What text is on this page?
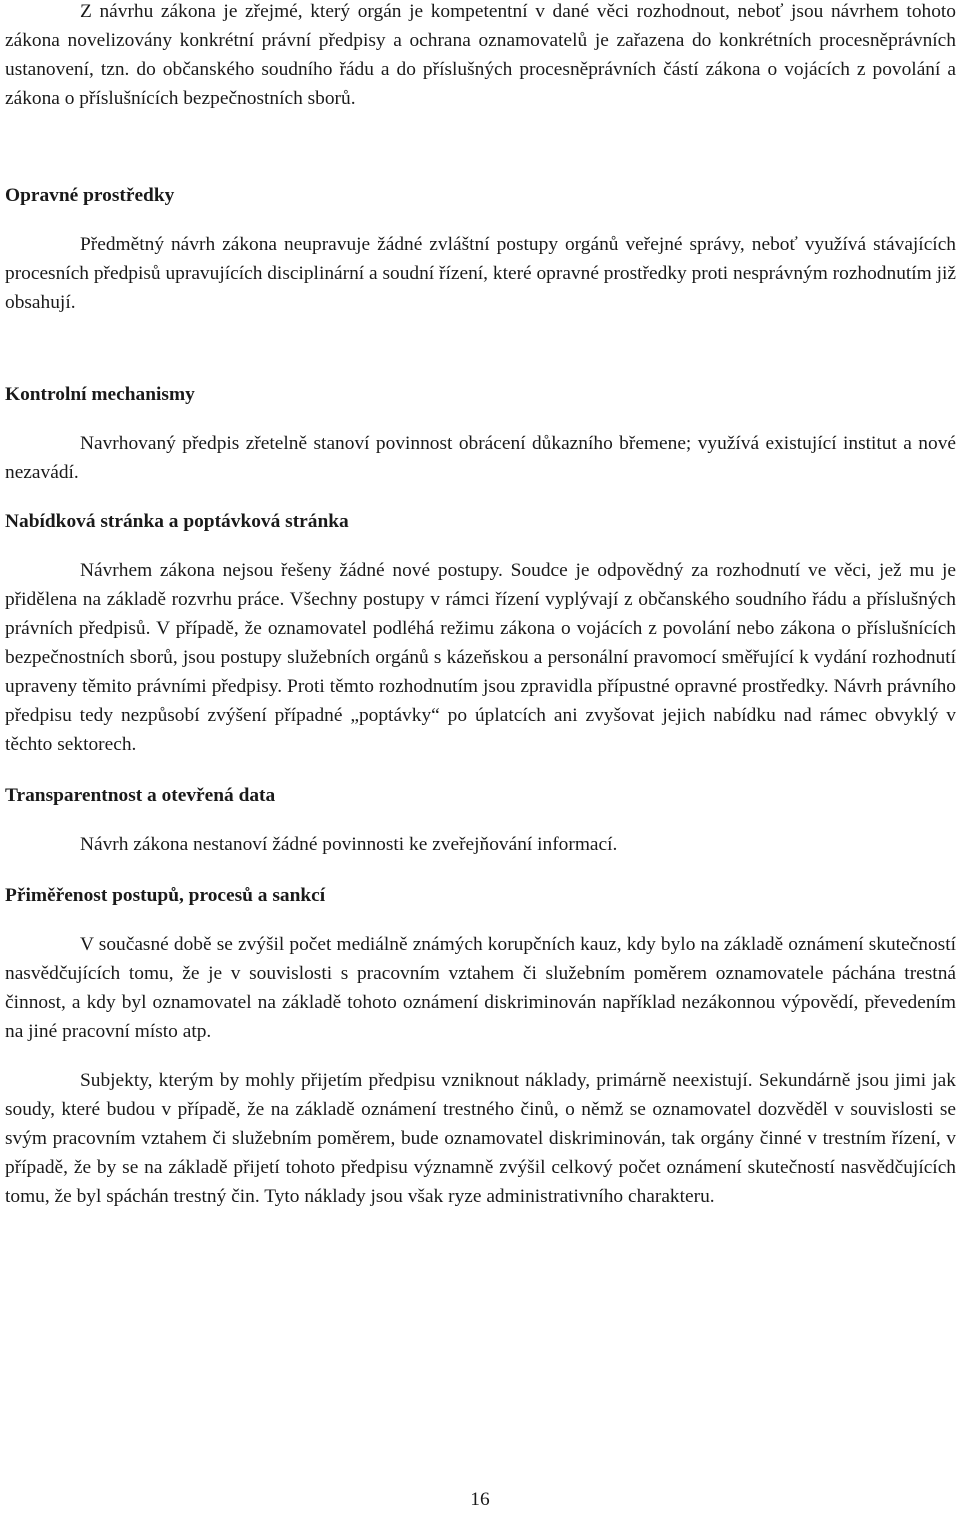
Z návrhu zákona je zřejmé, který orgán je kompetentní v dané věci rozhodnout, neboť jsou návrhem tohoto zákona novelizovány konkrétní právní předpisy a ochrana oznamovatelů je zařazena do konkrétních procesněprávních ustanovení, tzn. do občanského soudního řádu a do příslušných procesněprávních částí zákona o vojácích z povolání a zákona o příslušnících bezpečnostních sborů.

Opravné prostředky

Předmětný návrh zákona neupravuje žádné zvláštní postupy orgánů veřejné správy, neboť využívá stávajících procesních předpisů upravujících disciplinární a soudní řízení, které opravné prostředky proti nesprávným rozhodnutím již obsahují.

Kontrolní mechanismy

Navrhovaný předpis zřetelně stanoví povinnost obrácení důkazního břemene; využívá existující institut a nové nezavádí.

Nabídková stránka a poptávková stránka

Návrhem zákona nejsou řešeny žádné nové postupy. Soudce je odpovědný za rozhodnutí ve věci, jež mu je přidělena na základě rozvrhu práce. Všechny postupy v rámci řízení vyplývají z občanského soudního řádu a příslušných právních předpisů. V případě, že oznamovatel podléhá režimu zákona o vojácích z povolání nebo zákona o příslušnících bezpečnostních sborů, jsou postupy služebních orgánů s kázeňskou a personální pravomocí směřující k vydání rozhodnutí upraveny těmito právními předpisy. Proti těmto rozhodnutím jsou zpravidla přípustné opravné prostředky. Návrh právního předpisu tedy nezpůsobí zvýšení případné „poptávky“ po úplatcích ani zvyšovat jejich nabídku nad rámec obvyklý v těchto sektorech.

Transparentnost a otevřená data

Návrh zákona nestanoví žádné povinnosti ke zveřejňování informací.

Přiměřenost postupů, procesů a sankcí

V současné době se zvýšil počet mediálně známých korupčních kauz, kdy bylo na základě oznámení skutečností nasvědčujících tomu, že je v souvislosti s pracovním vztahem či služebním poměrem oznamovatele páchána trestná činnost, a kdy byl oznamovatel na základě tohoto oznámení diskriminován například nezákonnou výpovědí, převedením na jiné pracovní místo atp.

Subjekty, kterým by mohly přijetím předpisu vzniknout náklady, primárně neexistují. Sekundárně jsou jimi jak soudy, které budou v případě, že na základě oznámení trestného činů, o němž se oznamovatel dozvěděl v souvislosti se svým pracovním vztahem či služebním poměrem, bude oznamovatel diskriminován, tak orgány činné v trestním řízení, v případě, že by se na základě přijetí tohoto předpisu významně zvýšil celkový počet oznámení skutečností nasvědčujících tomu, že byl spáchán trestný čin. Tyto náklady jsou však ryze administrativního charakteru.

16
